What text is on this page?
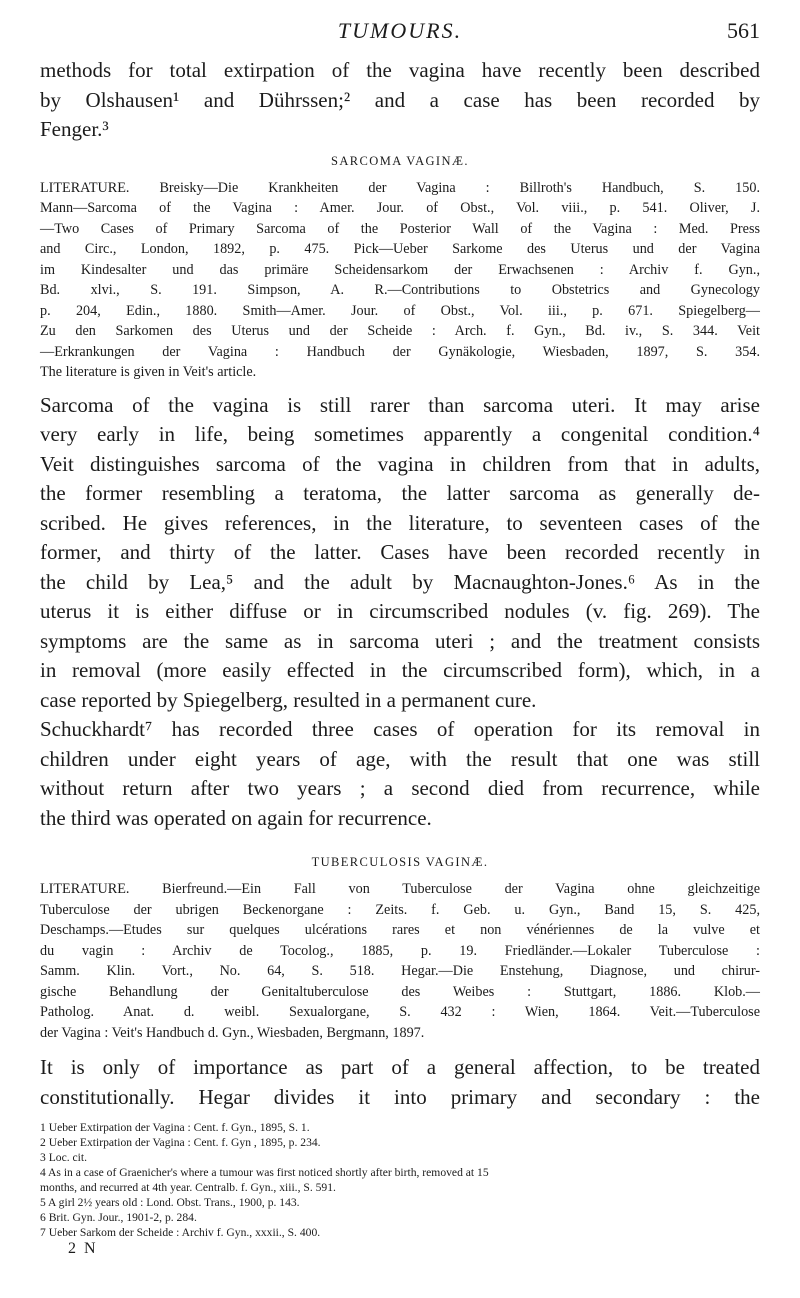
TUMOURS.	561

methods for total extirpation of the vagina have recently been described
by Olshausen¹ and Dührssen;² and a case has been recorded by
Fenger.³

SARCOMA VAGINÆ.

LITERATURE. Breisky—Die Krankheiten der Vagina : Billroth's Handbuch, S. 150.
Mann—Sarcoma of the Vagina : Amer. Jour. of Obst., Vol. viii., p. 541. Oliver, J.
—Two Cases of Primary Sarcoma of the Posterior Wall of the Vagina : Med. Press
and Circ., London, 1892, p. 475. Pick—Ueber Sarkome des Uterus und der Vagina
im Kindesalter und das primäre Scheidensarkom der Erwachsenen : Archiv f. Gyn.,
Bd. xlvi., S. 191. Simpson, A. R.—Contributions to Obstetrics and Gynecology
p. 204, Edin., 1880. Smith—Amer. Jour. of Obst., Vol. iii., p. 671. Spiegelberg—
Zu den Sarkomen des Uterus und der Scheide : Arch. f. Gyn., Bd. iv., S. 344. Veit
—Erkrankungen der Vagina : Handbuch der Gynäkologie, Wiesbaden, 1897, S. 354.
The literature is given in Veit's article.

Sarcoma of the vagina is still rarer than sarcoma uteri. It may arise
very early in life, being sometimes apparently a congenital condition.⁴
Veit distinguishes sarcoma of the vagina in children from that in adults,
the former resembling a teratoma, the latter sarcoma as generally de-
scribed. He gives references, in the literature, to seventeen cases of the
former, and thirty of the latter. Cases have been recorded recently in
the child by Lea,⁵ and the adult by Macnaughton-Jones.⁶ As in the
uterus it is either diffuse or in circumscribed nodules (v. fig. 269). The
symptoms are the same as in sarcoma uteri ; and the treatment consists
in removal (more easily effected in the circumscribed form), which, in a
case reported by Spiegelberg, resulted in a permanent cure.
Schuckhardt⁷ has recorded three cases of operation for its removal in
children under eight years of age, with the result that one was still
without return after two years ; a second died from recurrence, while
the third was operated on again for recurrence.

TUBERCULOSIS VAGINÆ.

LITERATURE. Bierfreund.—Ein Fall von Tuberculose der Vagina ohne gleichzeitige
Tuberculose der ubrigen Beckenorgane : Zeits. f. Geb. u. Gyn., Band 15, S. 425,
Deschamps.—Etudes sur quelques ulcérations rares et non vénériennes de la vulve et
du vagin : Archiv de Tocolog., 1885, p. 19. Friedländer.—Lokaler Tuberculose :
Samm. Klin. Vort., No. 64, S. 518. Hegar.—Die Enstehung, Diagnose, und chirur-
gische Behandlung der Genitaltuberculose des Weibes : Stuttgart, 1886. Klob.—
Patholog. Anat. d. weibl. Sexualorgane, S. 432 : Wien, 1864. Veit.—Tuberculose
der Vagina : Veit's Handbuch d. Gyn., Wiesbaden, Bergmann, 1897.

It is only of importance as part of a general affection, to be treated
constitutionally. Hegar divides it into primary and secondary : the

1 Ueber Extirpation der Vagina : Cent. f. Gyn., 1895, S. 1.
2 Ueber Extirpation der Vagina : Cent. f. Gyn , 1895, p. 234.
3 Loc. cit.
4 As in a case of Graenicher's where a tumour was first noticed shortly after birth, removed at 15
months, and recurred at 4th year. Centralb. f. Gyn., xiii., S. 591.
5 A girl 2½ years old : Lond. Obst. Trans., 1900, p. 143.
6 Brit. Gyn. Jour., 1901-2, p. 284.
7 Ueber Sarkom der Scheide : Archiv f. Gyn., xxxii., S. 400.
2 N
